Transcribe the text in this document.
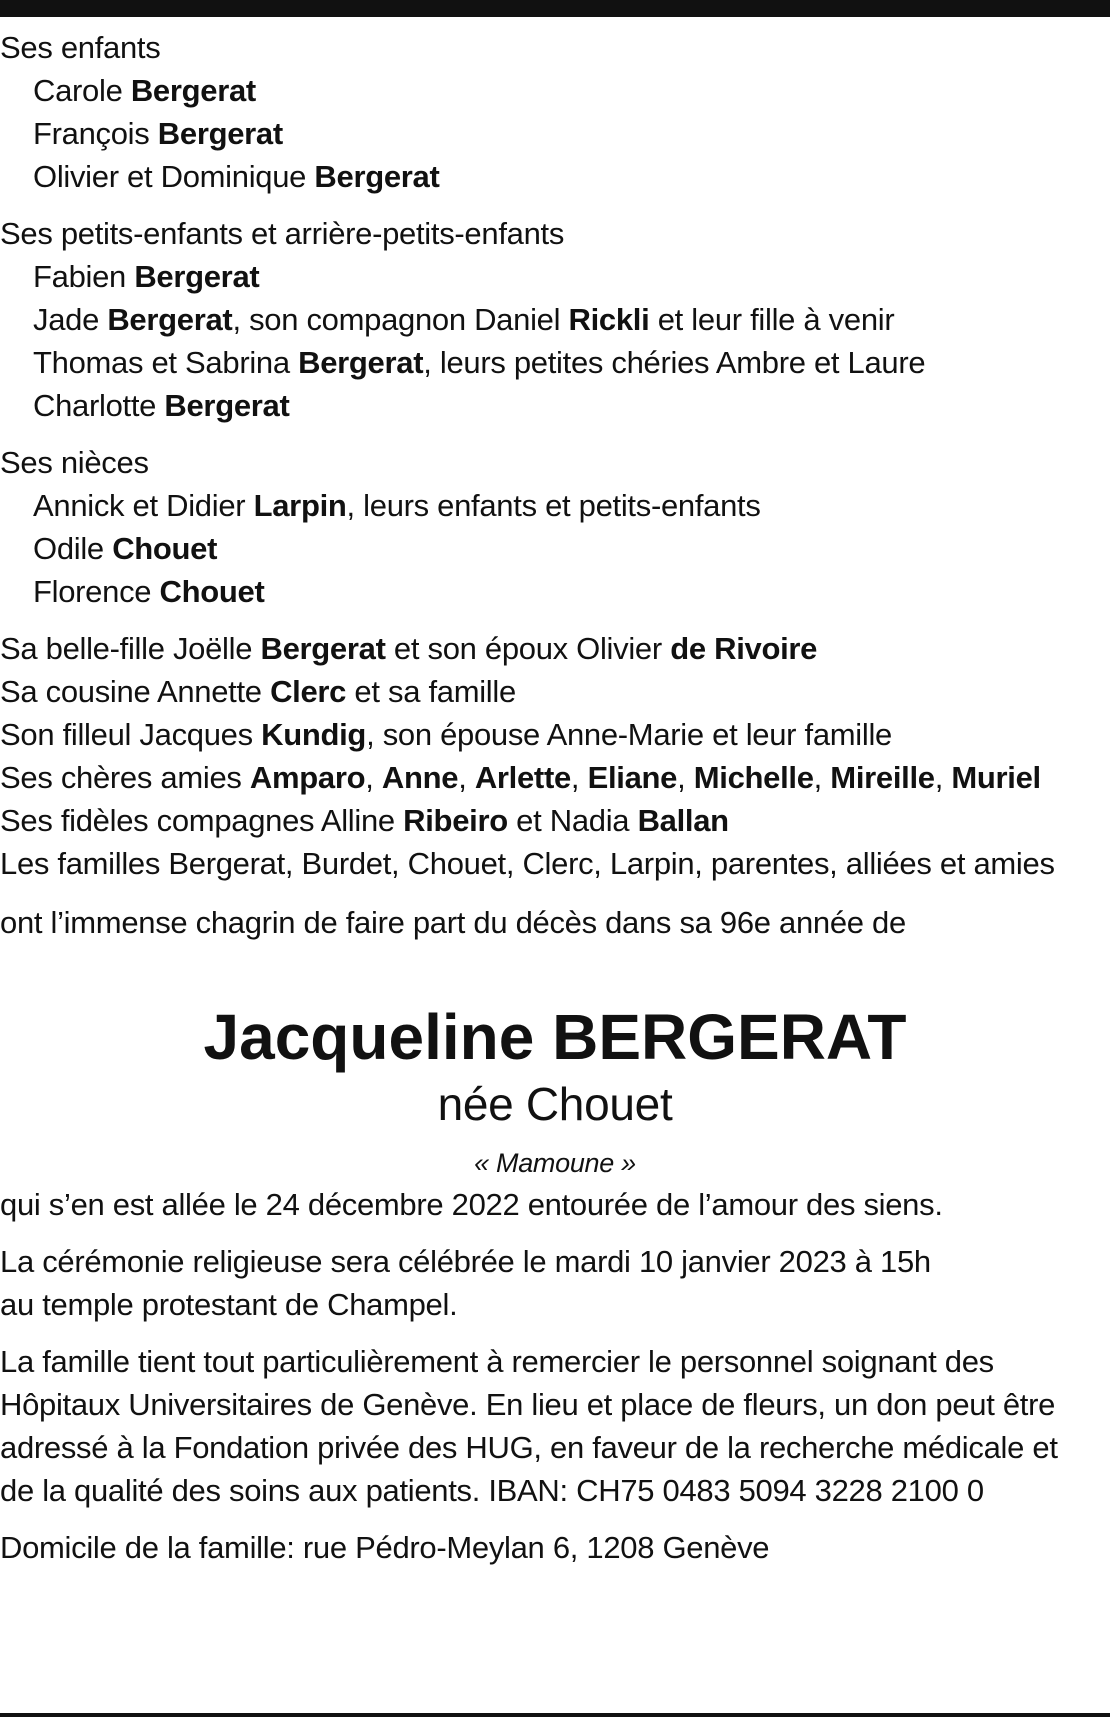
Ses enfants
Carole Bergerat
François Bergerat
Olivier et Dominique Bergerat
Ses petits-enfants et arrière-petits-enfants
Fabien Bergerat
Jade Bergerat, son compagnon Daniel Rickli et leur fille à venir
Thomas et Sabrina Bergerat, leurs petites chéries Ambre et Laure
Charlotte Bergerat
Ses nièces
Annick et Didier Larpin, leurs enfants et petits-enfants
Odile Chouet
Florence Chouet
Sa belle-fille Joëlle Bergerat et son époux Olivier de Rivoire
Sa cousine Annette Clerc et sa famille
Son filleul Jacques Kundig, son épouse Anne-Marie et leur famille
Ses chères amies Amparo, Anne, Arlette, Eliane, Michelle, Mireille, Muriel
Ses fidèles compagnes Alline Ribeiro et Nadia Ballan
Les familles Bergerat, Burdet, Chouet, Clerc, Larpin, parentes, alliées et amies
ont l’immense chagrin de faire part du décès dans sa 96e année de
Jacqueline BERGERAT
née Chouet
« Mamoune »
qui s’en est allée le 24 décembre 2022 entourée de l’amour des siens.
La cérémonie religieuse sera célébrée le mardi 10 janvier 2023 à 15h
au temple protestant de Champel.
La famille tient tout particulièrement à remercier le personnel soignant des
Hôpitaux Universitaires de Genève. En lieu et place de fleurs, un don peut être
adressé à la Fondation privée des HUG, en faveur de la recherche médicale et
de la qualité des soins aux patients. IBAN: CH75 0483 5094 3228 2100 0
Domicile de la famille: rue Pédro-Meylan 6, 1208 Genève
